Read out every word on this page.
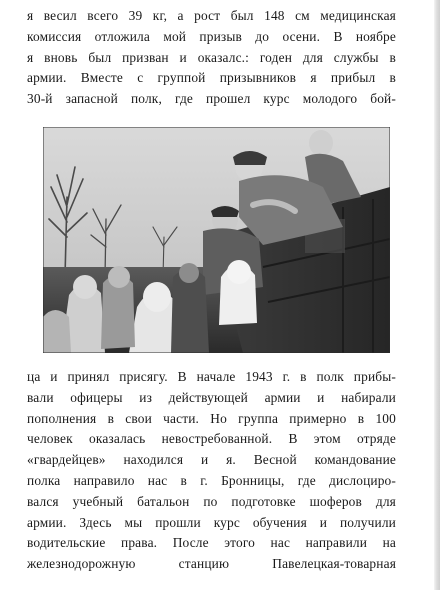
я весил всего 39 кг, а рост был 148 см медицинская
комиссия отложила мой призыв до осени. В ноябре
я вновь был призван и оказалс.: годен для службы в
армии. Вместе с группой призывников я прибыл в
30-й запасной полк, где прошел курс молодого бой-
ца и принял присягу. В начале 1943 г. в полк прибы-
вали офицеры из действующей армии и набирали
пополнения в свои части. Но группа примерно в 100
человек оказалась невостребованной. В этом отряде
«гвардейцев» находился и я. Весной командование
полка направило нас в г. Бронницы, где дислоциро-
вался учебный батальон по подготовке шоферов для
армии. Здесь мы прошли курс обучения и получили
водительские права. После этого нас направили на
железнодорожную станцию Павелецкая-товарная
